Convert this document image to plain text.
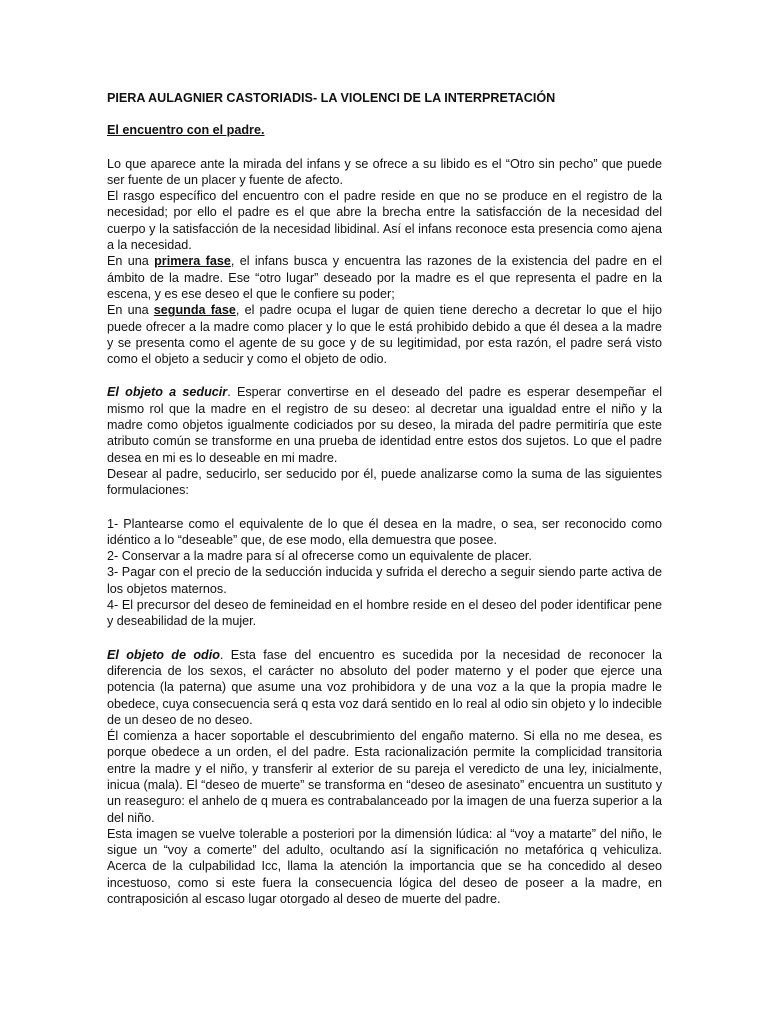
PIERA AULAGNIER CASTORIADIS- LA VIOLENCI DE LA INTERPRETACIÓN
El encuentro con el padre.

Lo que aparece ante la mirada del infans y se ofrece a su libido es el “Otro sin pecho” que puede ser fuente de un placer y fuente de afecto.

El rasgo específico del encuentro con el padre reside en que no se produce en el registro de la necesidad; por ello el padre es el que abre la brecha entre la satisfacción de la necesidad del cuerpo y la satisfacción de la necesidad libidinal. Así el infans reconoce esta presencia como ajena a la necesidad.

En una primera fase, el infans busca y encuentra las razones de la existencia del padre en el ámbito de la madre. Ese “otro lugar” deseado por la madre es el que representa el padre en la escena, y es ese deseo el que le confiere su poder;

En una segunda fase, el padre ocupa el lugar de quien tiene derecho a decretar lo que el hijo puede ofrecer a la madre como placer y lo que le está prohibido debido a que él desea a la madre y se presenta como el agente de su goce y de su legitimidad, por esta razón, el padre será visto como el objeto a seducir y como el objeto de odio.

El objeto a seducir. Esperar convertirse en el deseado del padre es esperar desempeñar el mismo rol que la madre en el registro de su deseo: al decretar una igualdad entre el niño y la madre como objetos igualmente codiciados por su deseo, la mirada del padre permitiría que este atributo común se transforme en una prueba de identidad entre estos dos sujetos. Lo que el padre desea en mi es lo deseable en mi madre.

Desear al padre, seducirlo, ser seducido por él, puede analizarse como la suma de las siguientes formulaciones:

1- Plantearse como el equivalente de lo que él desea en la madre, o sea, ser reconocido como idéntico a lo “deseable” que, de ese modo, ella demuestra que posee.

2- Conservar a la madre para sí al ofrecerse como un equivalente de placer.

3- Pagar con el precio de la seducción inducida y sufrida el derecho a seguir siendo parte activa de los objetos maternos.

4- El precursor del deseo de femineidad en el hombre reside en el deseo del poder identificar pene y deseabilidad de la mujer.

El objeto de odio. Esta fase del encuentro es sucedida por la necesidad de reconocer la diferencia de los sexos, el carácter no absoluto del poder materno y el poder que ejerce una potencia (la paterna) que asume una voz prohibidora y de una voz a la que la propia madre le obedece, cuya consecuencia será q esta voz dará sentido en lo real al odio sin objeto y lo indecible de un deseo de no deseo.

Él comienza a hacer soportable el descubrimiento del engaño materno. Si ella no me desea, es porque obedece a un orden, el del padre. Esta racionalización permite la complicidad transitoria entre la madre y el niño, y transferir al exterior de su pareja el veredicto de una ley, inicialmente, inicua (mala). El “deseo de muerte” se transforma en “deseo de asesinato” encuentra un sustituto y un reaseguro: el anhelo de q muera es contrabalanceado por la imagen de una fuerza superior a la del niño.

Esta imagen se vuelve tolerable a posteriori por la dimensión lúdica: al “voy a matarte” del niño, le sigue un “voy a comerte” del adulto, ocultando así la significación no metafórica q vehiculiza. Acerca de la culpabilidad Icc, llama la atención la importancia que se ha concedido al deseo incestuoso, como si este fuera la consecuencia lógica del deseo de poseer a la madre, en contraposición al escaso lugar otorgado al deseo de muerte del padre.
